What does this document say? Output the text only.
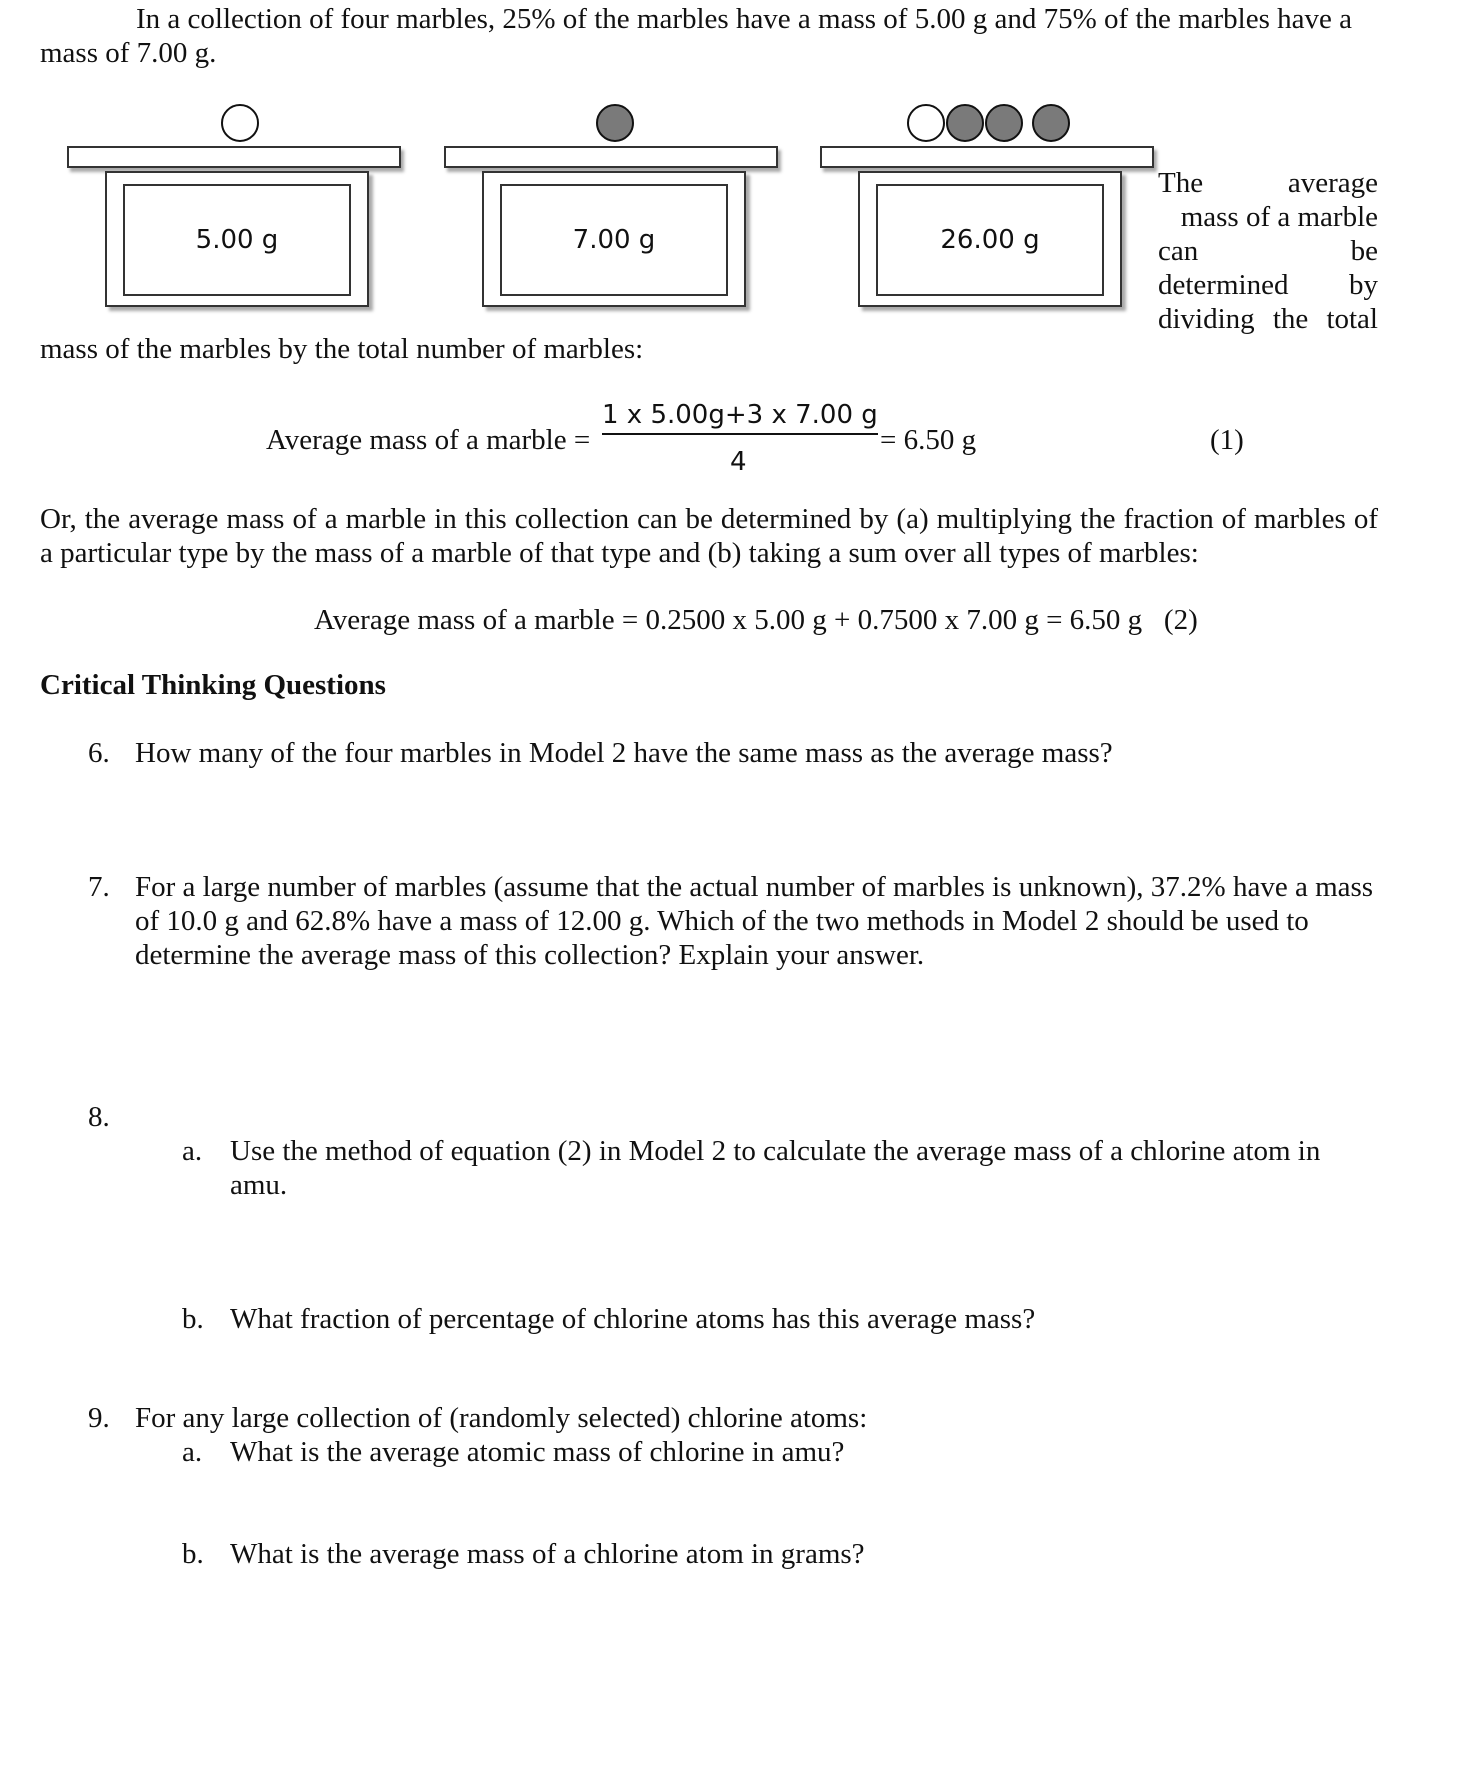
In a collection of four marbles, 25% of the marbles have a mass of 5.00 g and 75% of the marbles have a
mass of 7.00 g.
5.00 g	7.00 g	26.00 g
The average
mass of a marble
can be
determined by
dividing the total
mass of the marbles by the total number of marbles:
Average mass of a marble =
1 x 5.00g+3 x 7.00 g
4
= 6.50 g	(1)
Or, the average mass of a marble in this collection can be determined by (a) multiplying the fraction of marbles of a particular type by the mass of a marble of that type and (b) taking a sum over all types of marbles:
Average mass of a marble = 0.2500 x 5.00 g + 0.7500 x 7.00 g = 6.50 g   (2)
Critical Thinking Questions
6. How many of the four marbles in Model 2 have the same mass as the average mass?
7. For a large number of marbles (assume that the actual number of marbles is unknown), 37.2% have a mass of 10.0 g and 62.8% have a mass of 12.00 g. Which of the two methods in Model 2 should be used to determine the average mass of this collection? Explain your answer.
8.
a. Use the method of equation (2) in Model 2 to calculate the average mass of a chlorine atom in amu.
b. What fraction of percentage of chlorine atoms has this average mass?
9. For any large collection of (randomly selected) chlorine atoms:
a. What is the average atomic mass of chlorine in amu?
b. What is the average mass of a chlorine atom in grams?
